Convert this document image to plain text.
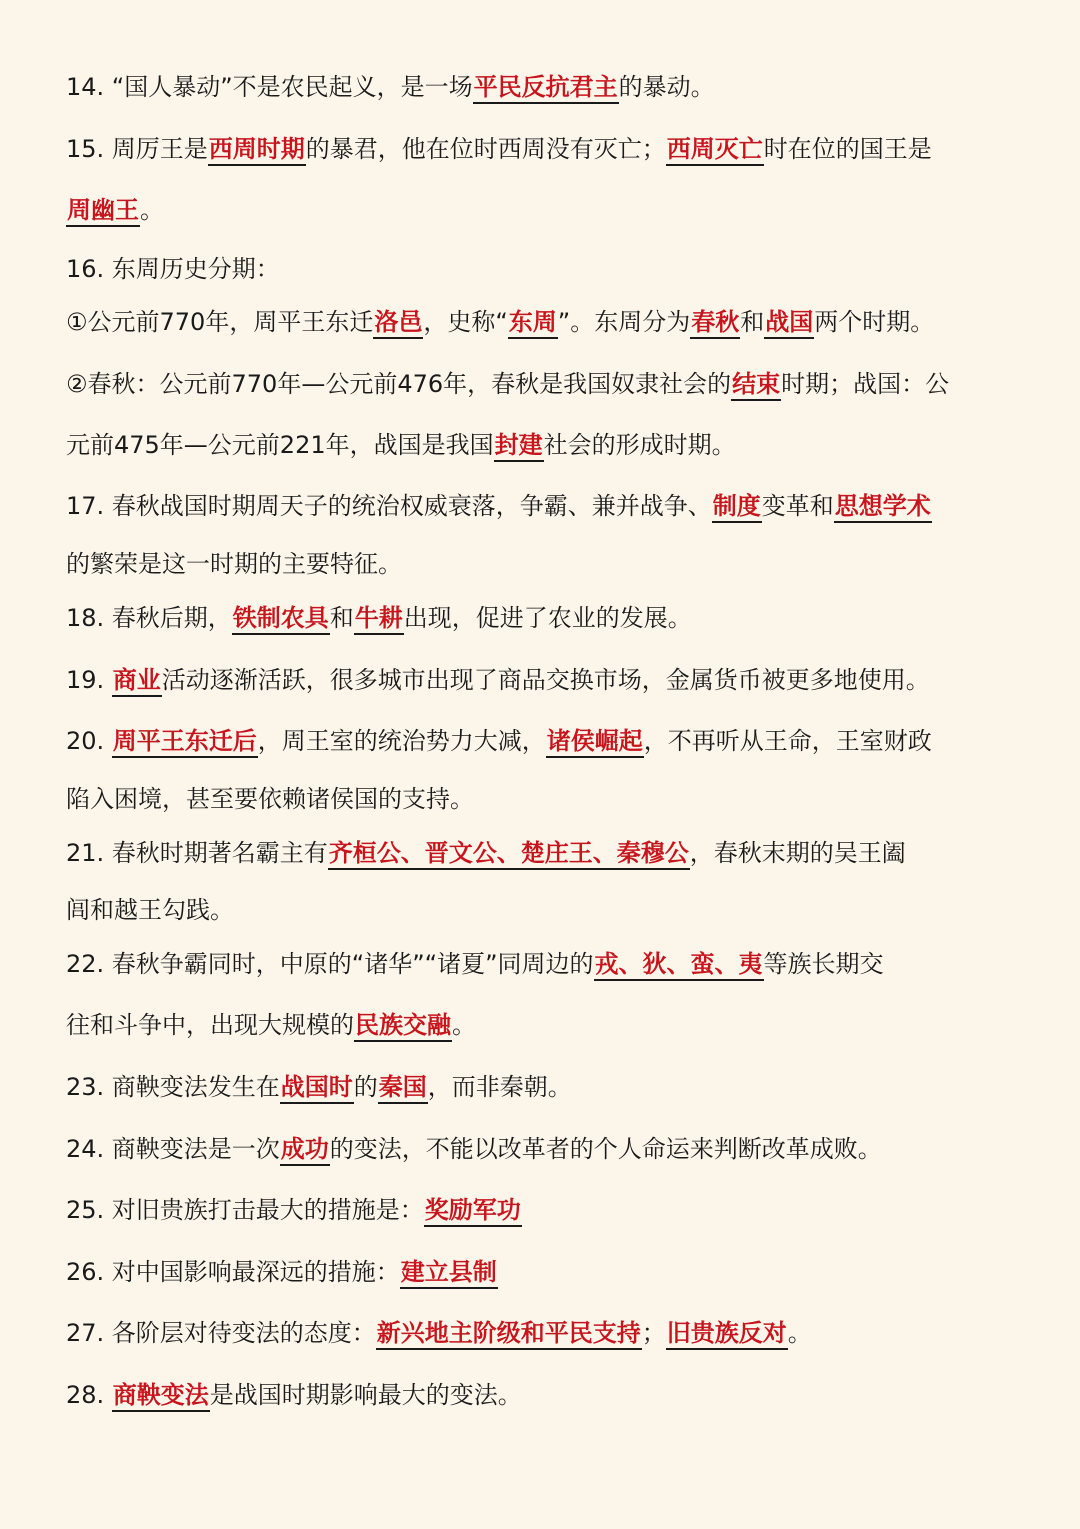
14. “国人暴动”不是农民起义，是一场平民反抗君主的暴动。
15. 周厉王是西周时期的暴君，他在位时西周没有灭亡；西周灭亡时在位的国王是
周幽王。
16. 东周历史分期：
①公元前770年，周平王东迁洛邑，史称“东周”。东周分为春秋和战国两个时期。
②春秋：公元前770年—公元前476年，春秋是我国奴隶社会的结束时期；战国：公
元前475年—公元前221年，战国是我国封建社会的形成时期。
17. 春秋战国时期周天子的统治权威衰落，争霸、兼并战争、制度变革和思想学术
的繁荣是这一时期的主要特征。
18. 春秋后期，铁制农具和牛耕出现，促进了农业的发展。
19. 商业活动逐渐活跃，很多城市出现了商品交换市场，金属货币被更多地使用。
20. 周平王东迁后，周王室的统治势力大减，诸侯崛起，不再听从王命，王室财政
陷入困境，甚至要依赖诸侯国的支持。
21. 春秋时期著名霸主有齐桓公、晋文公、楚庄王、秦穆公，春秋末期的吴王阖
闾和越王勾践。
22. 春秋争霸同时，中原的“诸华”“诸夏”同周边的戎、狄、蛮、夷等族长期交
往和斗争中，出现大规模的民族交融。
23. 商鞅变法发生在战国时的秦国，而非秦朝。
24. 商鞅变法是一次成功的变法，不能以改革者的个人命运来判断改革成败。
25. 对旧贵族打击最大的措施是：奖励军功
26. 对中国影响最深远的措施：建立县制
27. 各阶层对待变法的态度：新兴地主阶级和平民支持；旧贵族反对。
28. 商鞅变法是战国时期影响最大的变法。
